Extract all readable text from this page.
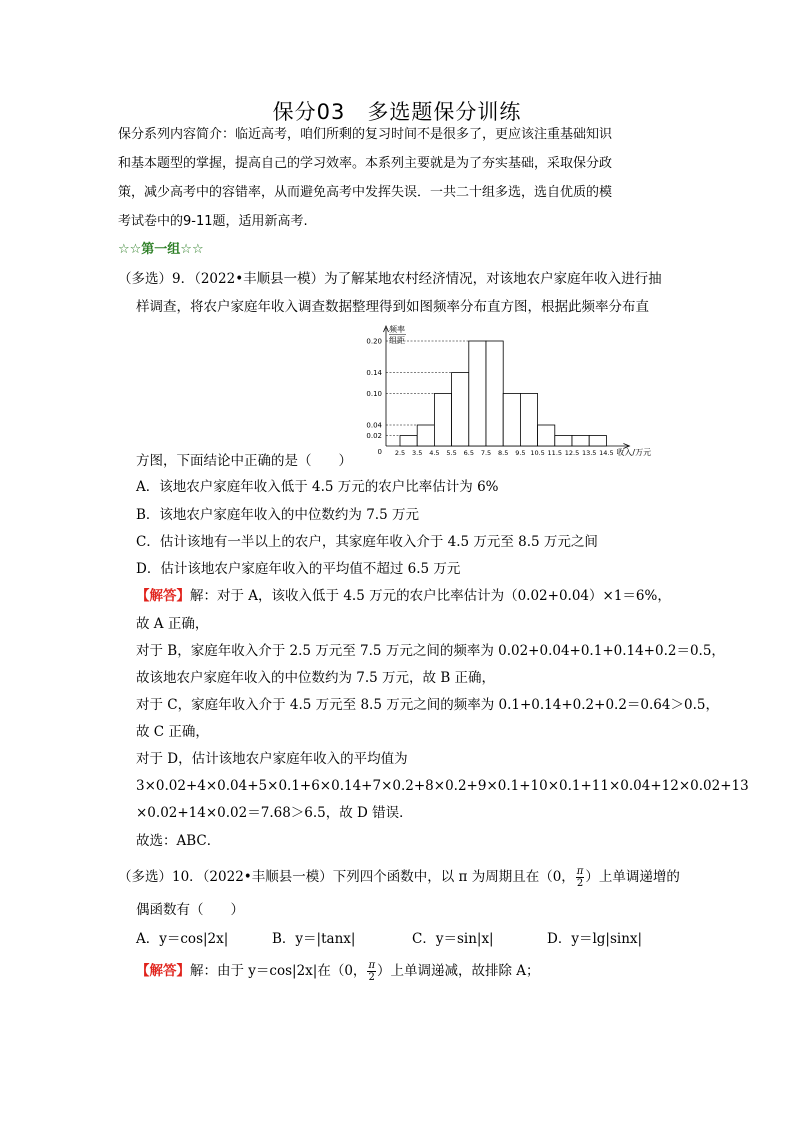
保分03　多选题保分训练
保分系列内容简介：临近高考，咱们所剩的复习时间不是很多了，更应该注重基础知识
和基本题型的掌握，提高自己的学习效率。本系列主要就是为了夯实基础，采取保分政
策，减少高考中的容错率，从而避免高考中发挥失误．一共二十组多选，选自优质的模
考试卷中的9-11题，适用新高考.
☆☆第一组☆☆
（多选）9．（2022•丰顺县一模）为了解某地农村经济情况，对该地农户家庭年收入进行抽
样调查，将农户家庭年收入调查数据整理得到如图频率分布直方图，根据此频率分布直
频率
组距
0.02
0.04
0.10
0.14
0.20
0 2.5 3.5 4.5 5.5 6.5 7.5 8.5 9.5 10.5 11.5 12.5 13.5 14.5 收入/万元
方图，下面结论中正确的是（　　）
A．该地农户家庭年收入低于 4.5 万元的农户比率估计为 6%
B．该地农户家庭年收入的中位数约为 7.5 万元
C．估计该地有一半以上的农户，其家庭年收入介于 4.5 万元至 8.5 万元之间
D．估计该地农户家庭年收入的平均值不超过 6.5 万元
【解答】解：对于 A，该收入低于 4.5 万元的农户比率估计为（0.02+0.04）×1＝6%，
故 A 正确，
对于 B，家庭年收入介于 2.5 万元至 7.5 万元之间的频率为 0.02+0.04+0.1+0.14+0.2＝0.5，
故该地农户家庭年收入的中位数约为 7.5 万元，故 B 正确，
对于 C，家庭年收入介于 4.5 万元至 8.5 万元之间的频率为 0.1+0.14+0.2+0.2＝0.64＞0.5，
故 C 正确，
对于 D，估计该地农户家庭年收入的平均值为
3×0.02+4×0.04+5×0.1+6×0.14+7×0.2+8×0.2+9×0.1+10×0.1+11×0.04+12×0.02+13
×0.02+14×0.02＝7.68＞6.5，故 D 错误．
故选：ABC．
（多选）10．（2022•丰顺县一模）下列四个函数中，以 π 为周期且在（0， $\frac{\pi}{2}$ ）上单调递增的
偶函数有（　　）
A．y＝cos|2x|	B．y＝|tanx|	C．y＝sin|x|	D．y＝lg|sinx|
【解答】解：由于 y＝cos|2x|在（0， $\frac{\pi}{2}$ ）上单调递减，故排除 A；
